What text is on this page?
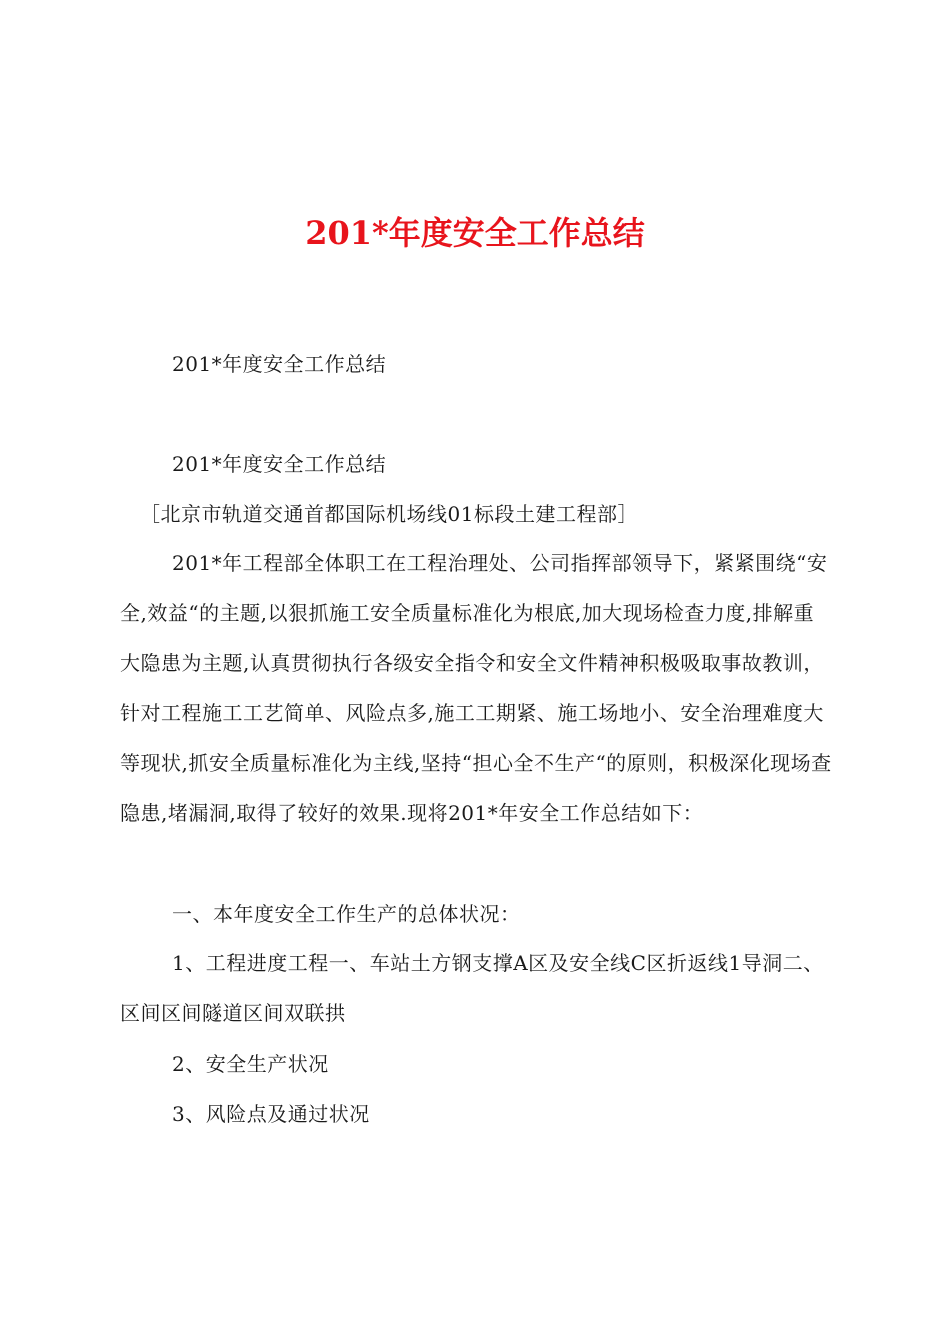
201*年度安全工作总结
201*年度安全工作总结
201*年度安全工作总结
［北京市轨道交通首都国际机场线01标段土建工程部］
201*年工程部全体职工在工程治理处、公司指挥部领导下，紧紧围绕“安全,效益“的主题,以狠抓施工安全质量标准化为根底,加大现场检查力度,排解重大隐患为主题,认真贯彻执行各级安全指令和安全文件精神积极吸取事故教训，针对工程施工工艺简单、风险点多,施工工期紧、施工场地小、安全治理难度大等现状,抓安全质量标准化为主线,坚持“担心全不生产“的原则，积极深化现场查隐患,堵漏洞,取得了较好的效果.现将201*年安全工作总结如下：
一、本年度安全工作生产的总体状况：
1、工程进度工程一、车站土方钢支撑A区及安全线C区折返线1导洞二、区间区间隧道区间双联拱
2、安全生产状况
3、风险点及通过状况
